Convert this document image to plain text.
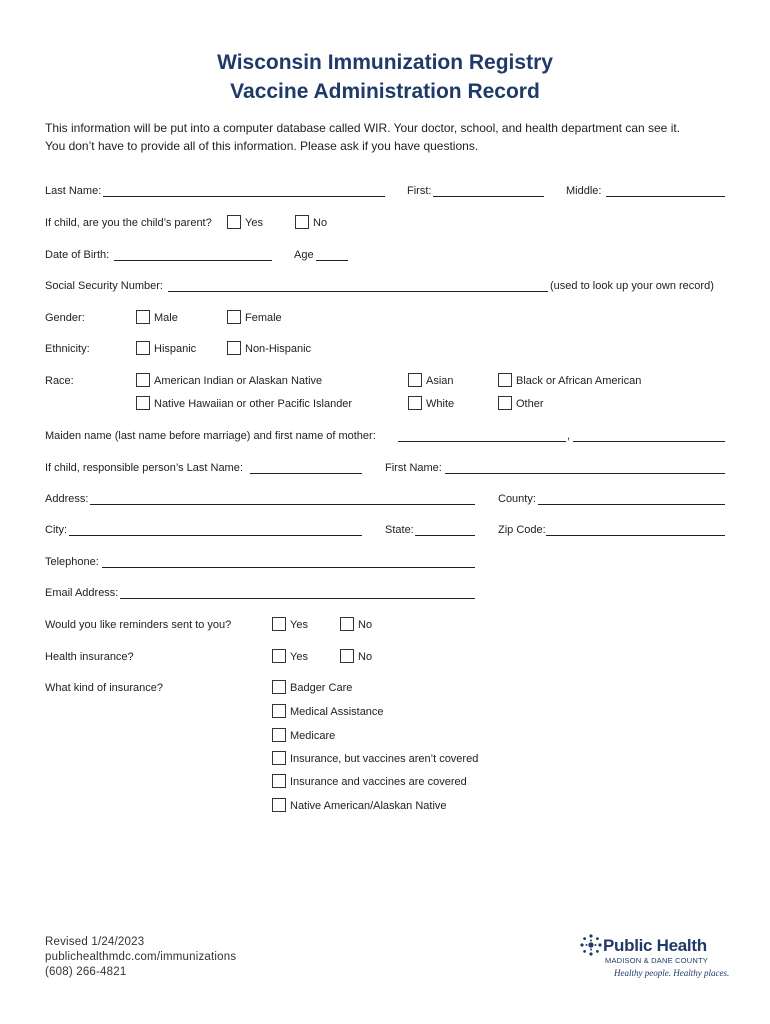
Wisconsin Immunization Registry
Vaccine Administration Record
This information will be put into a computer database called WIR. Your doctor, school, and health department can see it.
You don’t have to provide all of this information. Please ask if you have questions.
Last Name:	First:	Middle:
If child, are you the child’s parent?	Yes	No
Date of Birth:	Age
Social Security Number:	(used to look up your own record)
Gender:	Male	Female
Ethnicity:	Hispanic	Non-Hispanic
Race:	American Indian or Alaskan Native	Asian	Black or African American
Native Hawaiian or other Pacific Islander	White	Other
Maiden name (last name before marriage) and first name of mother:	,
If child, responsible person’s Last Name:	First Name:
Address:	County:
City:	State:	Zip Code:
Telephone:
Email Address:
Would you like reminders sent to you?	Yes	No
Health insurance?	Yes	No
What kind of insurance?	Badger Care
Medical Assistance
Medicare
Insurance, but vaccines aren’t covered
Insurance and vaccines are covered
Native American/Alaskan Native
Revised 1/24/2023
publichealthmdc.com/immunizations
(608) 266-4821
Public Health
MADISON & DANE COUNTY
Healthy people. Healthy places.
